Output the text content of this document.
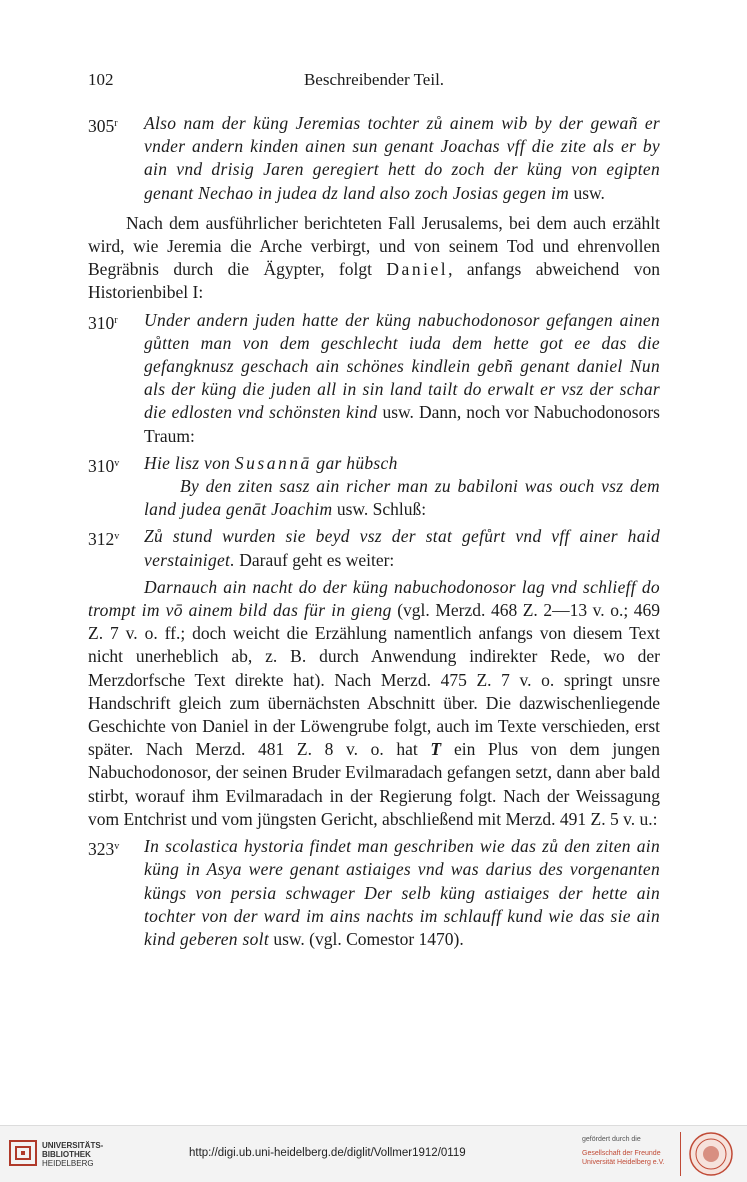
102	Beschreibender Teil.
305$^r$	Also nam der küng Jeremias tochter zů ainem wib by der gewañ er vnder andern kinden ainen sun genant Joachas vff die zite als er by ain vnd drisig Jaren geregiert hett do zoch der küng von egipten genant Nechao in judea dz land also zoch Josias gegen im usw.

Nach dem ausführlicher berichteten Fall Jerusalems, bei dem auch erzählt wird, wie Jeremia die Arche verbirgt, und von seinem Tod und ehrenvollen Begräbnis durch die Ägypter, folgt Daniel, anfangs abweichend von Historienbibel I:

310$^r$	Under andern juden hatte der küng nabuchodonosor gefangen ainen gůtten man von dem geschlecht iuda dem hette got ee das die gefangknusz geschach ain schönes kindlein gebñ genant daniel Nun als der küng die juden all in sin land tailt do erwalt er vsz der schar die edlosten vnd schönsten kind usw. Dann, noch vor Nabuchodonosors Traum:
310$^v$	Hie lisz von Susannā gar hübsch
By den ziten sasz ain richer man zu babiloni was ouch vsz dem land judea genāt Joachim usw. Schluß:
312$^v$	Zů stund wurden sie beyd vsz der stat gefůrt vnd vff ainer haid verstainiget. Darauf geht es weiter:

Darnauch ain nacht do der küng nabuchodonosor lag vnd schlieff do trompt im vō ainem bild das für in gieng (vgl. Merzd. 468 Z. 2—13 v. o.; 469 Z. 7 v. o. ff.; doch weicht die Erzählung namentlich anfangs von diesem Text nicht unerheblich ab, z. B. durch Anwendung indirekter Rede, wo der Merzdorfsche Text direkte hat). Nach Merzd. 475 Z. 7 v. o. springt unsre Handschrift gleich zum übernächsten Abschnitt über. Die dazwischenliegende Geschichte von Daniel in der Löwengrube folgt, auch im Texte verschieden, erst später. Nach Merzd. 481 Z. 8 v. o. hat T ein Plus von dem jungen Nabuchodonosor, der seinen Bruder Evilmaradach gefangen setzt, dann aber bald stirbt, worauf ihm Evilmaradach in der Regierung folgt. Nach der Weissagung vom Entchrist und vom jüngsten Gericht, abschließend mit Merzd. 491 Z. 5 v. u.:

323$^v$	In scolastica hystoria findet man geschriben wie das zů den ziten ain küng in Asya were genant astiaiges vnd was darius des vorgenanten küngs von persia schwager Der selb küng astiaiges der hette ain tochter von der ward im ains nachts im schlauff kund wie das sie ain kind geberen solt usw. (vgl. Comestor 1470).
UNIVERSITÄTS-
BIBLIOTHEK
HEIDELBERG
http://digi.ub.uni-heidelberg.de/diglit/Vollmer1912/0119
gefördert durch die
Gesellschaft der Freunde
Universität Heidelberg e.V.
